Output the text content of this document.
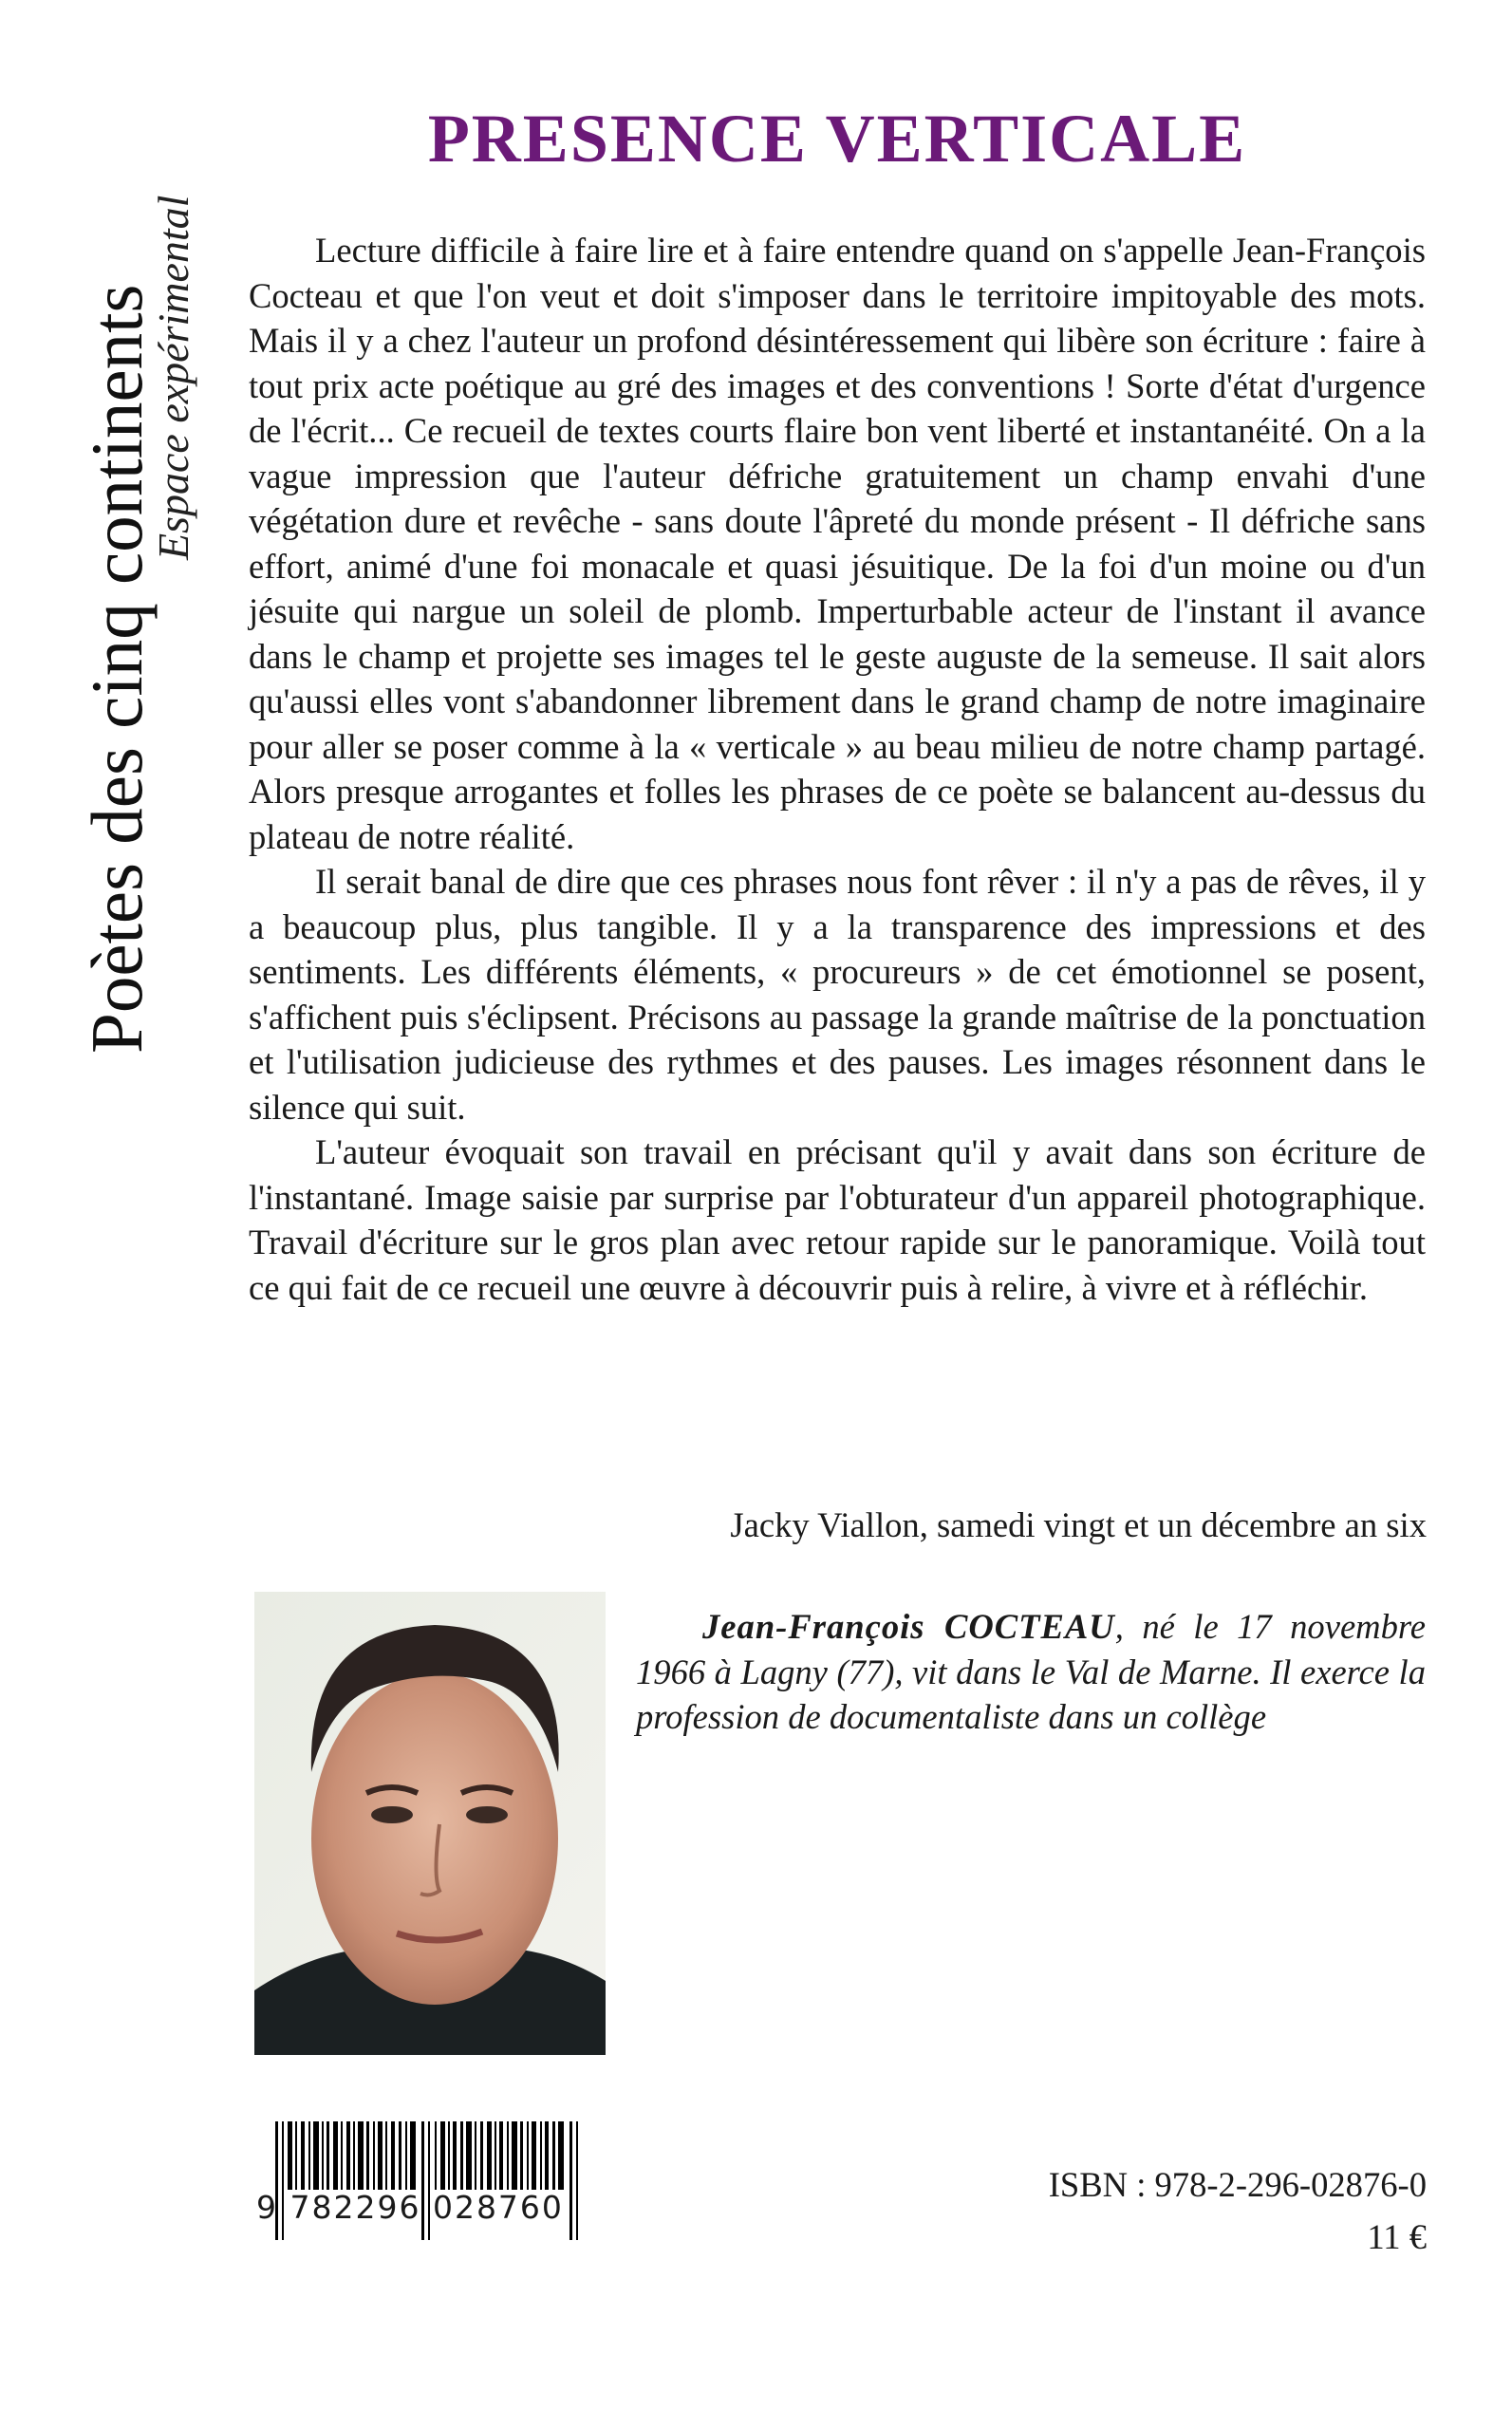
Poètes des cinq continents
Espace expérimental
PRESENCE VERTICALE

Lecture difficile à faire lire et à faire entendre quand on s'appelle Jean-François Cocteau et que l'on veut et doit s'imposer dans le territoire impitoyable des mots. Mais il y a chez l'auteur un profond désintéressement qui libère son écriture : faire à tout prix acte poétique au gré des images et des conventions ! Sorte d'état d'urgence de l'écrit... Ce recueil de textes courts flaire bon vent liberté et instantanéité. On a la vague impression que l'auteur défriche gratuitement un champ envahi d'une végétation dure et revêche - sans doute l'âpreté du monde présent - Il défriche sans effort, animé d'une foi monacale et quasi jésuitique. De la foi d'un moine ou d'un jésuite qui nargue un soleil de plomb. Imperturbable acteur de l'instant il avance dans le champ et projette ses images tel le geste auguste de la semeuse. Il sait alors qu'aussi elles vont s'abandonner librement dans le grand champ de notre imaginaire pour aller se poser comme à la « verticale » au beau milieu de notre champ partagé. Alors presque arrogantes et folles les phrases de ce poète se balancent au-dessus du plateau de notre réalité.

Il serait banal de dire que ces phrases nous font rêver : il n'y a pas de rêves, il y a beaucoup plus, plus tangible. Il y a la transparence des impressions et des sentiments. Les différents éléments, « procureurs » de cet émotionnel se posent, s'affichent puis s'éclipsent. Précisons au passage la grande maîtrise de la ponctuation et l'utilisation judicieuse des rythmes et des pauses. Les images résonnent dans le silence qui suit.

L'auteur évoquait son travail en précisant qu'il y avait dans son écriture de l'instantané. Image saisie par surprise par l'obturateur d'un appareil photographique. Travail d'écriture sur le gros plan avec retour rapide sur le panoramique. Voilà tout ce qui fait de ce recueil une œuvre à découvrir puis à relire, à vivre et à réfléchir.

Jacky Viallon, samedi vingt et un décembre an six

Jean-François COCTEAU, né le 17 novembre 1966 à Lagny (77), vit dans le Val de Marne. Il exerce la profession de documentaliste dans un collège

9 782296 028760

ISBN : 978-2-296-02876-0

11 €
